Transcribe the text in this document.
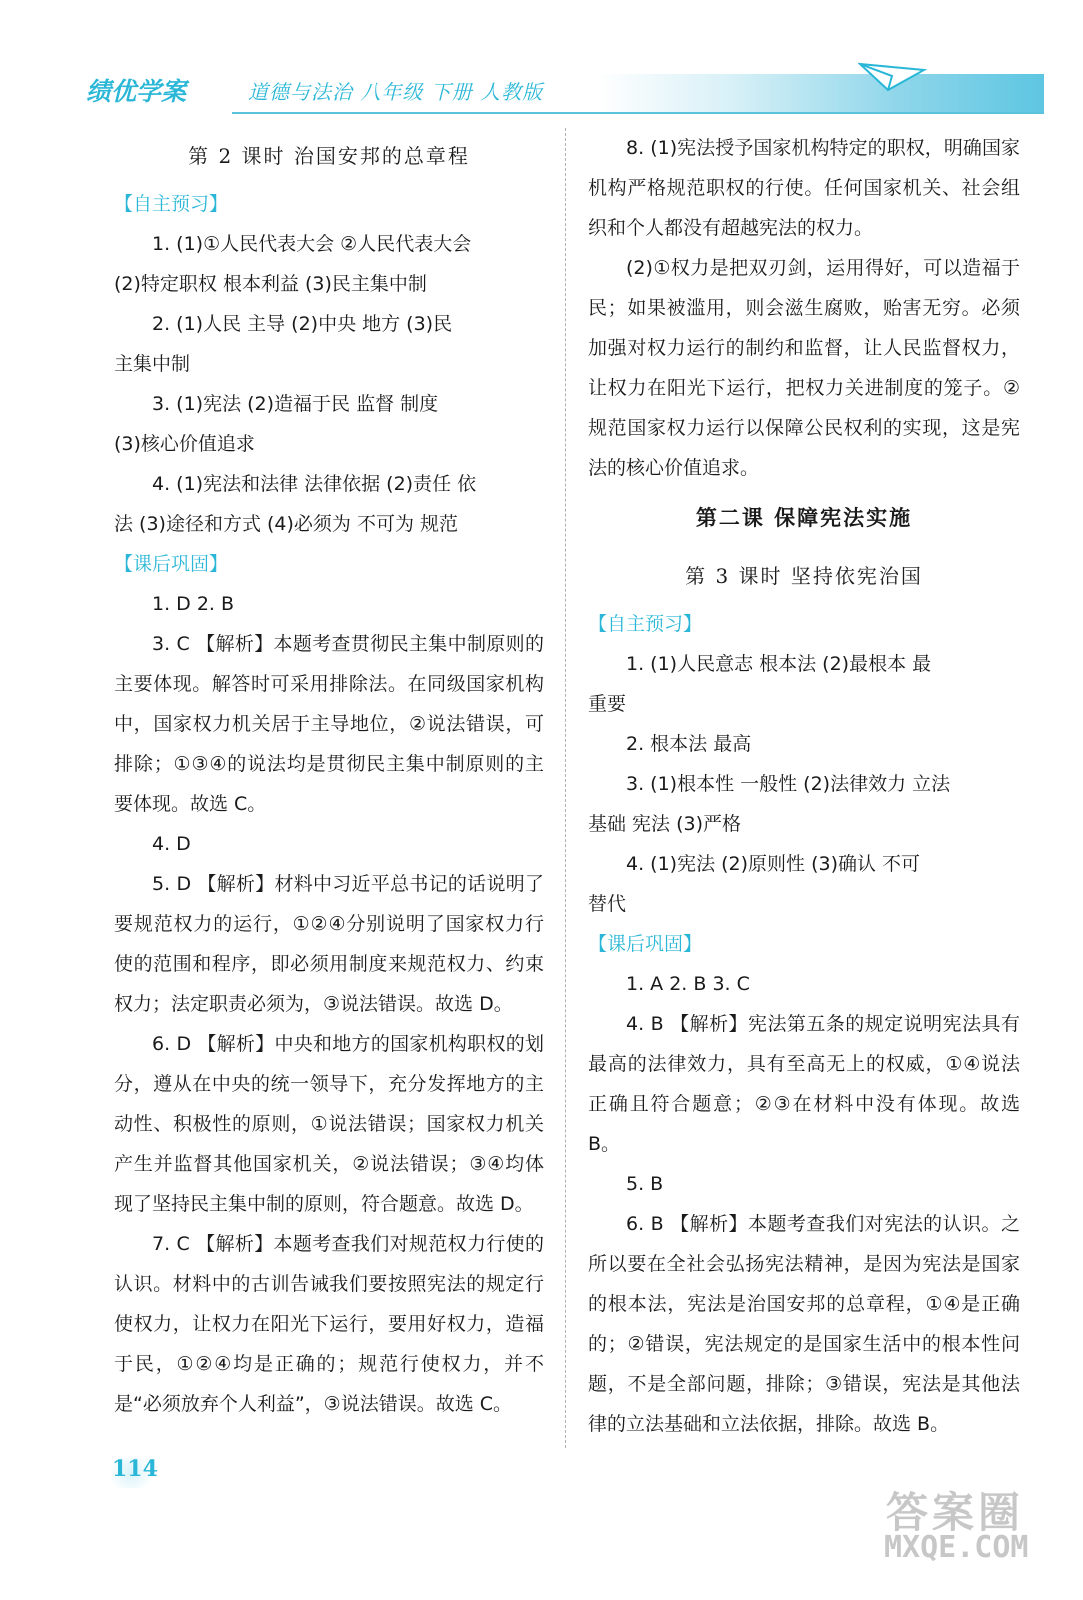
绩优学案	道德与法治 八年级 下册 人教版
第 2 课时 治国安邦的总章程

【自主预习】

1. (1)①人民代表大会 ②人民代表大会

(2)特定职权 根本利益 (3)民主集中制

2. (1)人民 主导 (2)中央 地方 (3)民

主集中制

3. (1)宪法 (2)造福于民 监督 制度

(3)核心价值追求

4. (1)宪法和法律 法律依据 (2)责任 依

法 (3)途径和方式 (4)必须为 不可为 规范

【课后巩固】

1. D 2. B

3. C 【解析】本题考查贯彻民主集中制原则的主要体现。解答时可采用排除法。在同级国家机构中，国家权力机关居于主导地位，②说法错误，可排除；①③④的说法均是贯彻民主集中制原则的主要体现。故选 C。

4. D

5. D 【解析】材料中习近平总书记的话说明了要规范权力的运行，①②④分别说明了国家权力行使的范围和程序，即必须用制度来规范权力、约束权力；法定职责必须为，③说法错误。故选 D。

6. D 【解析】中央和地方的国家机构职权的划分，遵从在中央的统一领导下，充分发挥地方的主动性、积极性的原则，①说法错误；国家权力机关产生并监督其他国家机关，②说法错误；③④均体现了坚持民主集中制的原则，符合题意。故选 D。

7. C 【解析】本题考查我们对规范权力行使的认识。材料中的古训告诫我们要按照宪法的规定行使权力，让权力在阳光下运行，要用好权力，造福于民，①②④均是正确的；规范行使权力，并不是“必须放弃个人利益”，③说法错误。故选 C。

8. (1)宪法授予国家机构特定的职权，明确国家机构严格规范职权的行使。任何国家机关、社会组织和个人都没有超越宪法的权力。

(2)①权力是把双刃剑，运用得好，可以造福于民；如果被滥用，则会滋生腐败，贻害无穷。必须加强对权力运行的制约和监督，让人民监督权力，让权力在阳光下运行，把权力关进制度的笼子。②规范国家权力运行以保障公民权利的实现，这是宪法的核心价值追求。

第二课 保障宪法实施
第 3 课时 坚持依宪治国

【自主预习】

1. (1)人民意志 根本法 (2)最根本 最

重要

2. 根本法 最高

3. (1)根本性 一般性 (2)法律效力 立法

基础 宪法 (3)严格

4. (1)宪法 (2)原则性 (3)确认 不可

替代

【课后巩固】

1. A 2. B 3. C

4. B 【解析】宪法第五条的规定说明宪法具有最高的法律效力，具有至高无上的权威，①④说法正确且符合题意；②③在材料中没有体现。故选 B。

5. B

6. B 【解析】本题考查我们对宪法的认识。之所以要在全社会弘扬宪法精神，是因为宪法是国家的根本法，宪法是治国安邦的总章程，①④是正确的；②错误，宪法规定的是国家生活中的根本性问题，不是全部问题，排除；③错误，宪法是其他法律的立法基础和立法依据，排除。故选 B。

114
答案圈
MXQE.COM
